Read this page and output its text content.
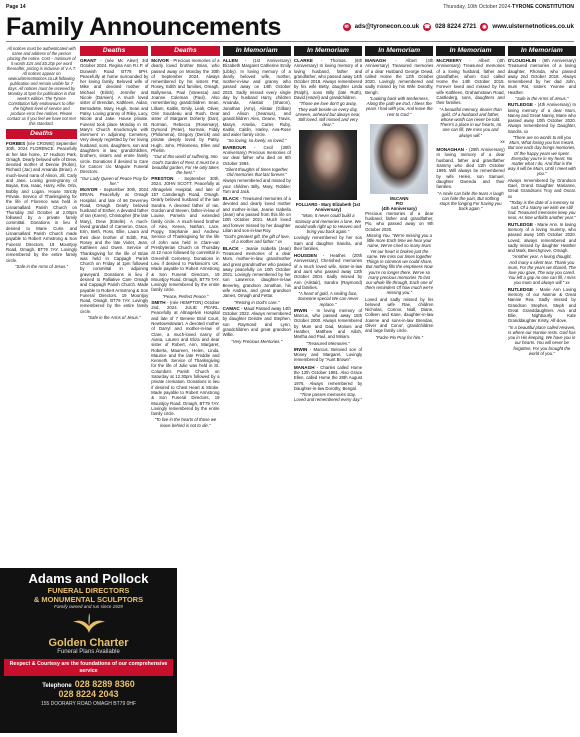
Page 14	Thursday, 10th October 2024-TYRONE CONSTITUTION
Family Announcements	✉ ads@tyronecon.co.uk ☎ 028 8224 2721	◉ www.ulsternetnotices.co.uk
All notices must be authenticated with name and address of the person placing the notice. Cost – minimum of 5 words £15 and £0.20p per word thereafter, pricing is inclusive of V.A.T. All notices appear on www.ulsternetnotices.co.uk following publication and remain visible for 7 days. All notices must be received by Monday at 5pm for publication in that week's edition. The Tyrone Constitution fully endeavours to offer the highest level of service and produce error free notices. Please contact us if you feel we have not met this standard.
Deaths
FORBES (née CROWE) September 30th, 2024 FLORENCE. Peacefully at her late home, 17 Hudson Park, Omagh. Dearly beloved wife of Drew, devoted mother of Dennie (Robin), Richard (Jac) and Amanda (Brian). A much-loved nana of Alison, Jill, Carly and Jane. Loving great-granny of Bayan, Eva, Isaac, Harry, Alfie, Orla, Bobby and Logan. House Strictly Private. Service of Thanksgiving for the life of Florence was held in Lisnamallard Parish Church on Thursday 3rd October at 2.00pm followed by a private family committal. Donations in lieu if desired to Marie Curie and Lisnamallard Parish Church made payable to Robert Armstrong & Son Funeral Directors, 19 Mountjoy Road, Omagh, BT79 7AY. Lovingly remembered by the entire family circle.
"Safe in the Arms of Jesus."
Adams and Pollock
FUNERAL DIRECTORS
& MONUMENTAL SCULPTORS
Family owned and run since 1929
Golden Charter
Funeral Plans Available
Respect & Courtesy are the foundations of our comprehensive service
Telephone 028 8289 8360
028 8224 2043
155 DOORARY ROAD OMAGH BT79 0HF
Deaths
GRANT - (née Mc Aleer) 3rd October 2024. Regina Ann R.I.P. of Dunwish Road BT78 5PH. Peacefully at home surrounded by her loving family. Beloved wife of Mike and devoted mother of Michael (Eilish), Jennifer and Nicole (Damien). A much loved sister of Brendan, Kathleen, Aidan, Bernadette, Mary, Hugh, Sean and Patsy. Loving granny of Riley, Lucy, Nicole and Jake. House private. Funeral took place Monday in St. Mary's Church Knockmoyle with interment in adjoining Cemetery. Very deeply regretted by her loving husband, sons, daughters, son and daughters in law, grandchildren, brothers, sisters and entire family circle. Donations if desired to Care for Cancer c/o Maguire Funeral Directors.
"Our Lady Queen of Peace Pray for her."
McIVOR - September 30th, 2024 BRIAN. Peacefully at Omagh Hospital, and late of 66 Deverney Road, Omagh. Dearly beloved husband of Esther. A devoted father of Ian (Karen), Christopher (the late Mary), Drew (Estelle). A much-loved grandad of Cameron, Grace, Erin, Beth, Ross, Ellie, Laura and their dear brother of Edith, Pat, Rosey and the late Violet, Jean, Kathleen and Gwen. Service of Thanksgiving for the life of Brian was held in Cappagh Parish Church on Friday at 1pm followed by committal in adjoining graveyard. Donations in lieu if desired to Palliative Care Omagh and Cappagh Parish Church. Made payable to Robert Armstrong & Son Funeral Directors, 19 Mountjoy Road, Omagh, BT79 7AY. Lovingly remembered by the entire family circle.
"Safe in the Arms of Jesus."
Deaths
McIVOR - Precious memories of a dearly loved brother Brian, who passed away on Monday the 30th of September 2024. Always remembered by his sisters Pat, Rosey, Edith and families, Omagh, Ballymena, Paul (Vanessa) and Joanne Coleman (Paul). Also remembering grandchildren Sean, Lilliam, Kaitlin, Emily, Leah, Oliver, Orin Sourdeau and Rush. Dear sister of Margaret Doherty (Dan), Norman, Rebecca (Rosemary), Dymond (Peter), Norman, Fiddy (Philomena), Gregory (Derick) and private deeply loved by Patsy, Hugh, John, Philomena, Ellen and Phelim.
"Out of this world of suffering, Into God's Garden of Rest. It must be a beautiful garden, For He only takes the best."
PRESTON - September 30th, 2024. JOHN SCOTT. Peacefully at Altnagelvin Hospital, and late of 157 Camderagh Road, Omagh. Dearly beloved husband of the late Sandra. A devoted father of Ian, Gordon and Steven, father-in-law of Louise, Pamela and extended family circle. A much-loved brother of Alex, Keeva, Nathan, Lace, Poppy, Stephanie and Andrew. Service of Thanksgiving for the life of John was held in Clare-van Presbyterian Church on Thursday at 12 noon followed by committal in Greenhill Cemetery. Donations in Lieu if desired to Parkinson's UK. Made payable to Robert Armstrong & Son Funeral Directors, 19 Mountjoy Road, Omagh, BT79 7AY. Lovingly remembered by the entire family circle.
"Peace, Perfect Peace."
SMITH - (née HEMPTON) October 2nd, 2024. JULIE PEARL. Peacefully at Altnagelvin Hospital and late of 7 Benese Brail Court, Newtownstewart. A devoted mother of Darryl and mother-in-law of Clare, a much-loved nanny of Aiana, Lauren and Eliza and dear sister of Robert, Ann, Margaret, Roberta, Maureen, Helen, Linda, Maurice and the late Freddie and Kenneth. Service of Thanksgiving for the life of Julie was held in St. Columba's Parish Church on Saturday at 12.30pm followed by a private cremation. Donations in lieu if desired to Chest Heart & Stroke. Made payable to Robert Armstrong & Son Funeral Directors, 19 Mountjoy Road, Omagh, BT79 7AY. Lovingly remembered by the entire family circle.
"To live in the hearts of those we leave behind is not to die."
In Memoriam
ALLEN - (1st Anniversary) Elizabeth Margaret Catherine Emily (Libby). In loving memory of a dearly beloved wife, mother, mother-in-law and granny who passed away on 14th October 2023. Sadly missed every single day by husband Harry, children Amanda, Alastair (Sharon), Jonathan (Amy), Alistair (Gillian) and Alison (Seamus), and grandchildren Alex, Deane, Travis, Masyn, Amelia, Carter, Ruby, Kaitlin, Caitlin, Harley, Ava-Rose and wider family circle.
"So loving, so lovely, so loved."
BARBOUR - Cecil (30th Anniversary) Precious memories of our dear father who died on 6th October 1994.
"Silent thoughts of times together, Old memories that last forever."
Always remembered and missed by your children Billy, Mary, Robbie; Tom and Jack.
BLACK - Treasured memories of a devoted and dearly loved mother and mother-in-law, Jeanie Isabella (Jean) who passed from this life on 10th October 2021. Much loved and forever missed by her daughter Lilian and son-in-law Roy.
"God's greatest gift, the gift of love, of a mother and father." xx
BLACK - Jeanie Isabella (Jean) Treasured memories of a dear Mum, mother-in-law, grandmother and great grandmother who passed away peacefully on 10th October 2021. Lovingly remembered by her son Lawrence, daughter-in-law Beverley, grandson Jonathan, his wife Andrea, and great grandson James, Omagh and Fettar.
"Resting in God's care."
CAMAC - Maud Passed away 14th October 2022. Always remembered by daughter Deirdre and Stephen, son Raymond and Lynn, grandchildren and great grandson Willie.
"Very Precious Memories."
In Memoriam
CLARKE - Thomas. (6th Anniversary) In loving memory of a loving husband, father and grandfather, who passed away 14th October 2018. Always remembered by his wife Betty, daughter Linda (Ralph), sons Billy (late Ruth), David (Hazel) and grandchildren.
"Those we love don't go away, They walk beside us every day, Unseen, unheard but always near, Still loved, still missed and very dear."
FOLLIARD - Mary Elizabeth (1st Anniversary)
"Mum, It never could build a stairway and memories a lane. We would walk right up to Heaven and bring you back again."
Lovingly remembered by her son Sam and daughter Sandra, and their families.
HOUSDEN - Heather. (20th Anniversary) Cherished memories of a much loved wife, sister-in-law and aunt who passed away 13th October 2004. Sadly missed by Ann (Alistair), Sandra (Raymond) and families.
"A heart of gold, A smiling face, Someone special We can never replace."
IRWIN - In loving memory of Marcus, who passed away 15th October 2000. Always remembered by Mum and Dad, Moises and Heather, Matthew and Ailish, Martha and Paul, and Miriam.
"Treasured Memories."
IRWIN - Marcus. Beloved son of Mosey and Margaret. Lovingly remembered by "Aunt Brown".
MANAGH - Charles called Home the 12th October 1981. Also Grace Ellen, called Home the 28th August 1976. Always remembered by Daughter-in-law Dorothy, Bengal.
"Time passes memories stay, Loved and remembered every day."
In Memoriam
MANAGH - Albert (4th Anniversary) Treasured memories of a dear Husband George Dewd, called Home the 12th October 2020. Lovingly remembered and sadly missed by his Wife Dorothy, Bengh.
"Looking back with tenderness, Along the path we trod, I bless the years I had with you, And leave the rest to God."
McCANN
PIO
(4th Anniversary)
Precious memories of a dear husband, father and grandfather, Pio, who passed away on 9th October 2020.
Missing You. "We're missing you a little more Each time we hear your name, We've cried so many tears Yet our heart is broken just the same. We miss our times together Things in common we could share, But nothing fills the emptiness Now you're no longer there. We've so many precious memories To last our whole life through, Each one of them reminders Of how much we're missing you."
Loved and sadly missed by his beloved wife Rae, children Nicholas, Connor, Niall, Diane, Colleen and Kane, daughter-in-law Joanne and sons-in-law Brendan, Oliver and Conor; grandchildren and large family circle.
"Padre Pio Pray for him."
In Memoriam
McCREERY - Albert (4th Anniversary) Treasured memories of a loving husband, father and grandfather, whom God called Home the 14th October 2015. Forever loved and missed by his wife Kathleen, Grahamstown Road, Castlederg, sons, daughters and their families.
"A beautiful memory, dearer than gold, Of a husband and father, whose worth can never be told. There's a place in our hearts, no one can fill, We miss you and always will."
xx
MONAGHAN - (29th Anniversary) In loving memory of a dear husband, father and grandfather Sammy who died 11th October 1995. Will always be remembered by wife Helen, son Samuel, daughter Gwenda and their families.
"A smile can hide the tears A laugh can hide the pain, But nothing stops the longing For having you back again."
In Memoriam
O'LOUGHLIN - (6th Anniversary) Treasured memories of a loving daughter, Rhonda, who passed away 2nd October 2018. Always remembered by her dad John, mum Pat, sisters Yvonne and Heather.
"Safe in the Arms of Jesus."
RUTLEDGE - (4th Anniversary) In loving memory of a dear Mum, Nanny and Great Nanny, Marie who passed away 10th October 2020. Always remembered by Daughter, Sandra. xx
"There are no words to tell you Mum, What losing you has meant. But one each day brings memories, Of the happy years we spent. Everyday you're in my heart, No matter what I do, And that is the way it will be Mum, Until I meet with you."
Always remembered by Grandson Gael, Grand Daughter Marianne, Great Grandsons Troy and Oscar. xx
"Today is the date of a memory so sad, Of a Nanny we wish we still had. Treasured memories keep you near, As time unfolds another year."
RUTLEDGE - Marie Ann. In loving memory of a loving mummy, who passed away 10th October 2020. Loved, always remembered and sadly missed by daughter Heather and Mark, Beechgrove, Omagh.
"Another year, A loving thought, And many a silent tear. Thank you mum, For the years we shared, The love you gave, The way you cared. You left a gap no one can fill, I miss you mum and always will." xx
RUTLEDGE - Marie Ann Loving memory of our Nannie & Great Nannie Rea. Sadly missed by Grandson Stephen, Steph and Great Granddaughters Ava and Ellie, Nighbourly Kate Granddaughter Kirsty, Alf-dove.
"In a beautiful place called Heaven, Is where our Nannie rests. God has you in His keeping, We have you in our hearts. You will never be forgotten, For you brought the world of you."
